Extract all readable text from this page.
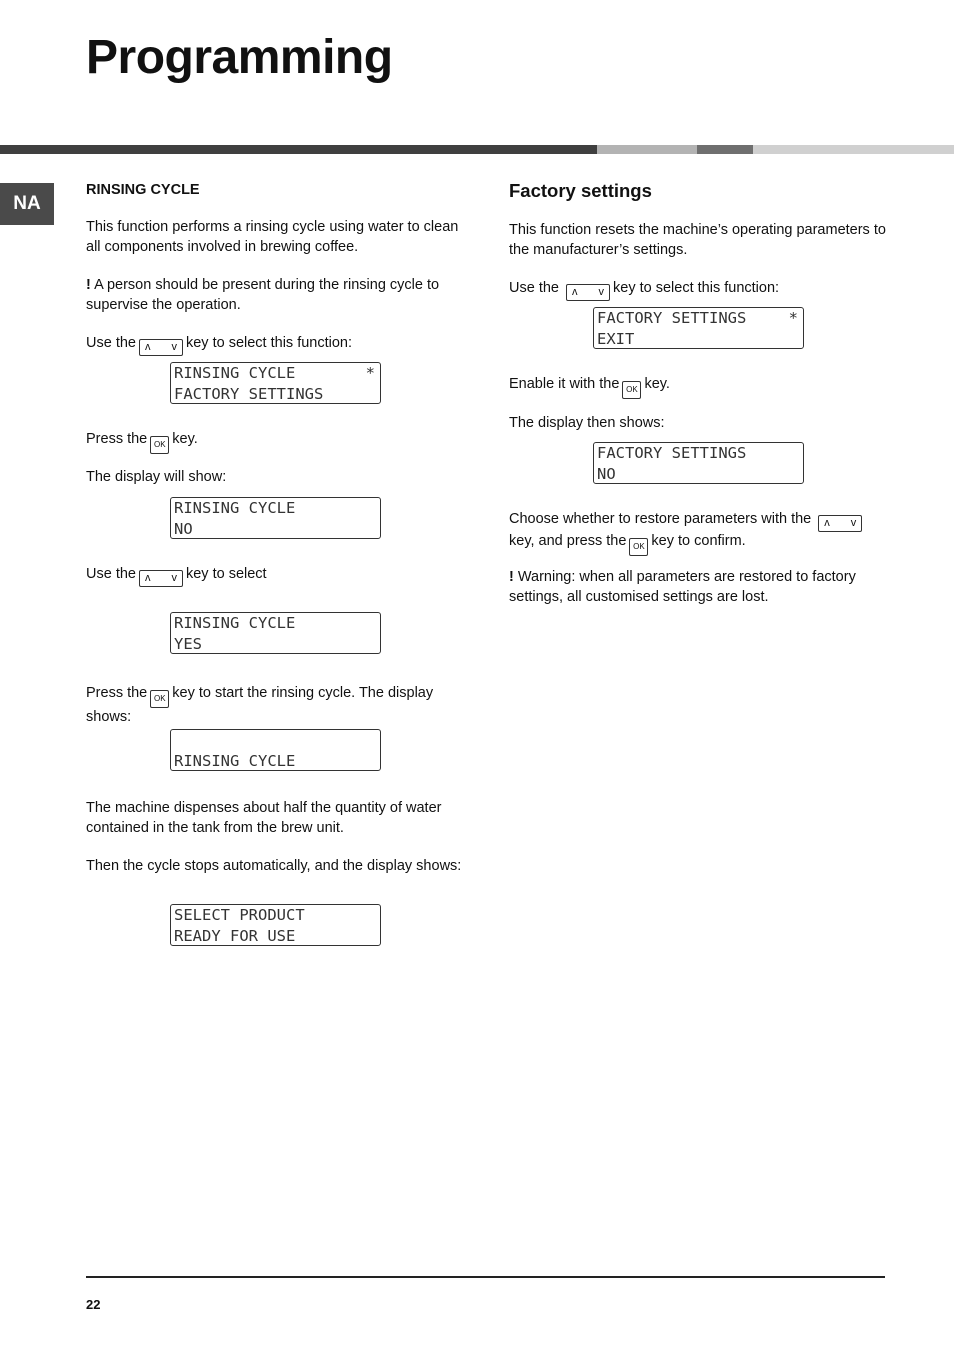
Programming
NA

RINSING CYCLE

This function performs a rinsing cycle using water to clean all components involved in brewing coffee.

! A person should be present during the rinsing cycle to supervise the operation.

Use the ʌ v key to select this function:

RINSING CYCLE	*
FACTORY SETTINGS

Press the OK key.

The display will show:

RINSING CYCLE
NO

Use the ʌ v key to select

RINSING CYCLE
YES

Press the OK key to start the rinsing cycle. The display shows:

RINSING CYCLE

The machine dispenses about half the quantity of water contained in the tank from the brew unit.

Then the cycle stops automatically, and the display shows:

SELECT PRODUCT
READY FOR USE

Factory settings

This function resets the machine’s operating parameters to the manufacturer’s settings.

Use the ʌ v key to select this function:

FACTORY SETTINGS	*
EXIT

Enable it with the OK key.

The display then shows:

FACTORY SETTINGS
NO

Choose whether to restore parameters with the ʌ v
key, and press the OK key to confirm.

! Warning: when all parameters are restored to factory settings, all customised settings are lost.

22
